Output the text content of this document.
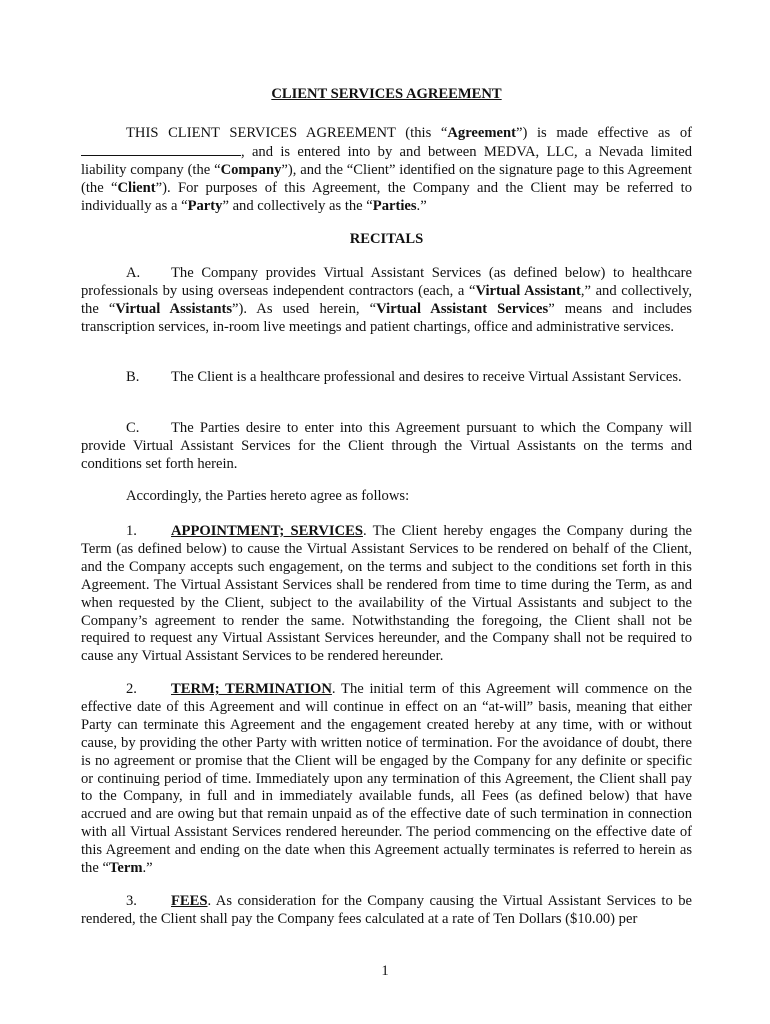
CLIENT SERVICES AGREEMENT

THIS CLIENT SERVICES AGREEMENT (this “Agreement”) is made effective as of , and is entered into by and between MEDVA, LLC, a Nevada limited liability company (the “Company”), and the “Client” identified on the signature page to this Agreement (the “Client”). For purposes of this Agreement, the Company and the Client may be referred to individually as a “Party” and collectively as the “Parties.”

RECITALS

A. The Company provides Virtual Assistant Services (as defined below) to healthcare professionals by using overseas independent contractors (each, a “Virtual Assistant,” and collectively, the “Virtual Assistants”). As used herein, “Virtual Assistant Services” means and includes transcription services, in-room live meetings and patient chartings, office and administrative services.

B. The Client is a healthcare professional and desires to receive Virtual Assistant Services.

C. The Parties desire to enter into this Agreement pursuant to which the Company will provide Virtual Assistant Services for the Client through the Virtual Assistants on the terms and conditions set forth herein.

Accordingly, the Parties hereto agree as follows:

1. APPOINTMENT; SERVICES. The Client hereby engages the Company during the Term (as defined below) to cause the Virtual Assistant Services to be rendered on behalf of the Client, and the Company accepts such engagement, on the terms and subject to the conditions set forth in this Agreement. The Virtual Assistant Services shall be rendered from time to time during the Term, as and when requested by the Client, subject to the availability of the Virtual Assistants and subject to the Company’s agreement to render the same. Notwithstanding the foregoing, the Client shall not be required to request any Virtual Assistant Services hereunder, and the Company shall not be required to cause any Virtual Assistant Services to be rendered hereunder.

2. TERM; TERMINATION. The initial term of this Agreement will commence on the effective date of this Agreement and will continue in effect on an “at-will” basis, meaning that either Party can terminate this Agreement and the engagement created hereby at any time, with or without cause, by providing the other Party with written notice of termination. For the avoidance of doubt, there is no agreement or promise that the Client will be engaged by the Company for any definite or specific or continuing period of time. Immediately upon any termination of this Agreement, the Client shall pay to the Company, in full and in immediately available funds, all Fees (as defined below) that have accrued and are owing but that remain unpaid as of the effective date of such termination in connection with all Virtual Assistant Services rendered hereunder. The period commencing on the effective date of this Agreement and ending on the date when this Agreement actually terminates is referred to herein as the “Term.”

3. FEES. As consideration for the Company causing the Virtual Assistant Services to be rendered, the Client shall pay the Company fees calculated at a rate of Ten Dollars ($10.00) per

1
